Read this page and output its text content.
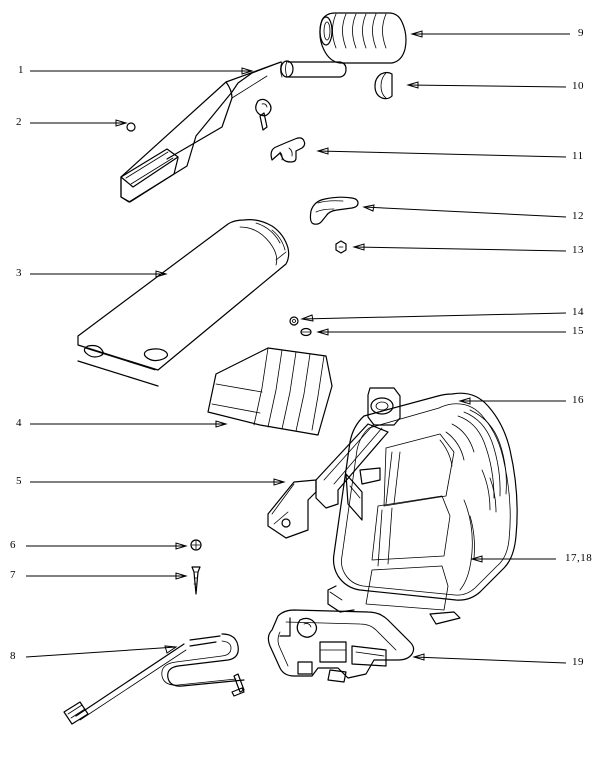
1
2
3
4
5
6
7
8
9
10
11
12
13
14
15
16
17,18
19
